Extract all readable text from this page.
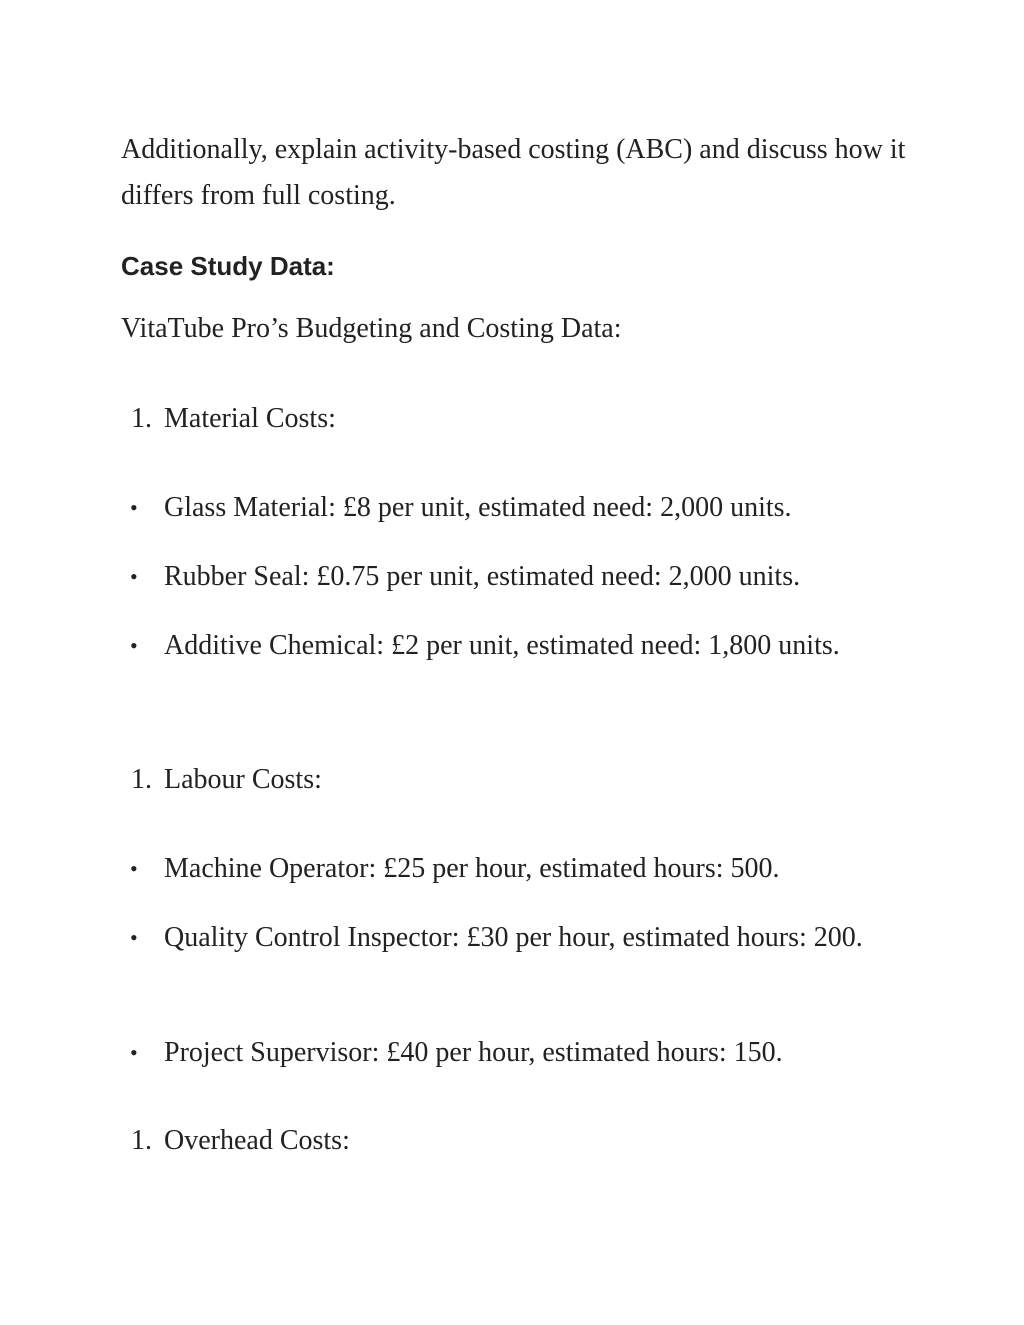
Additionally, explain activity-based costing (ABC) and discuss how it differs from full costing.

Case Study Data:

VitaTube Pro’s Budgeting and Costing Data:

1. Material Costs:
• Glass Material: £8 per unit, estimated need: 2,000 units.
• Rubber Seal: £0.75 per unit, estimated need: 2,000 units.
• Additive Chemical: £2 per unit, estimated need: 1,800 units.
1. Labour Costs:
• Machine Operator: £25 per hour, estimated hours: 500.
• Quality Control Inspector: £30 per hour, estimated hours: 200.
• Project Supervisor: £40 per hour, estimated hours: 150.
1. Overhead Costs:
